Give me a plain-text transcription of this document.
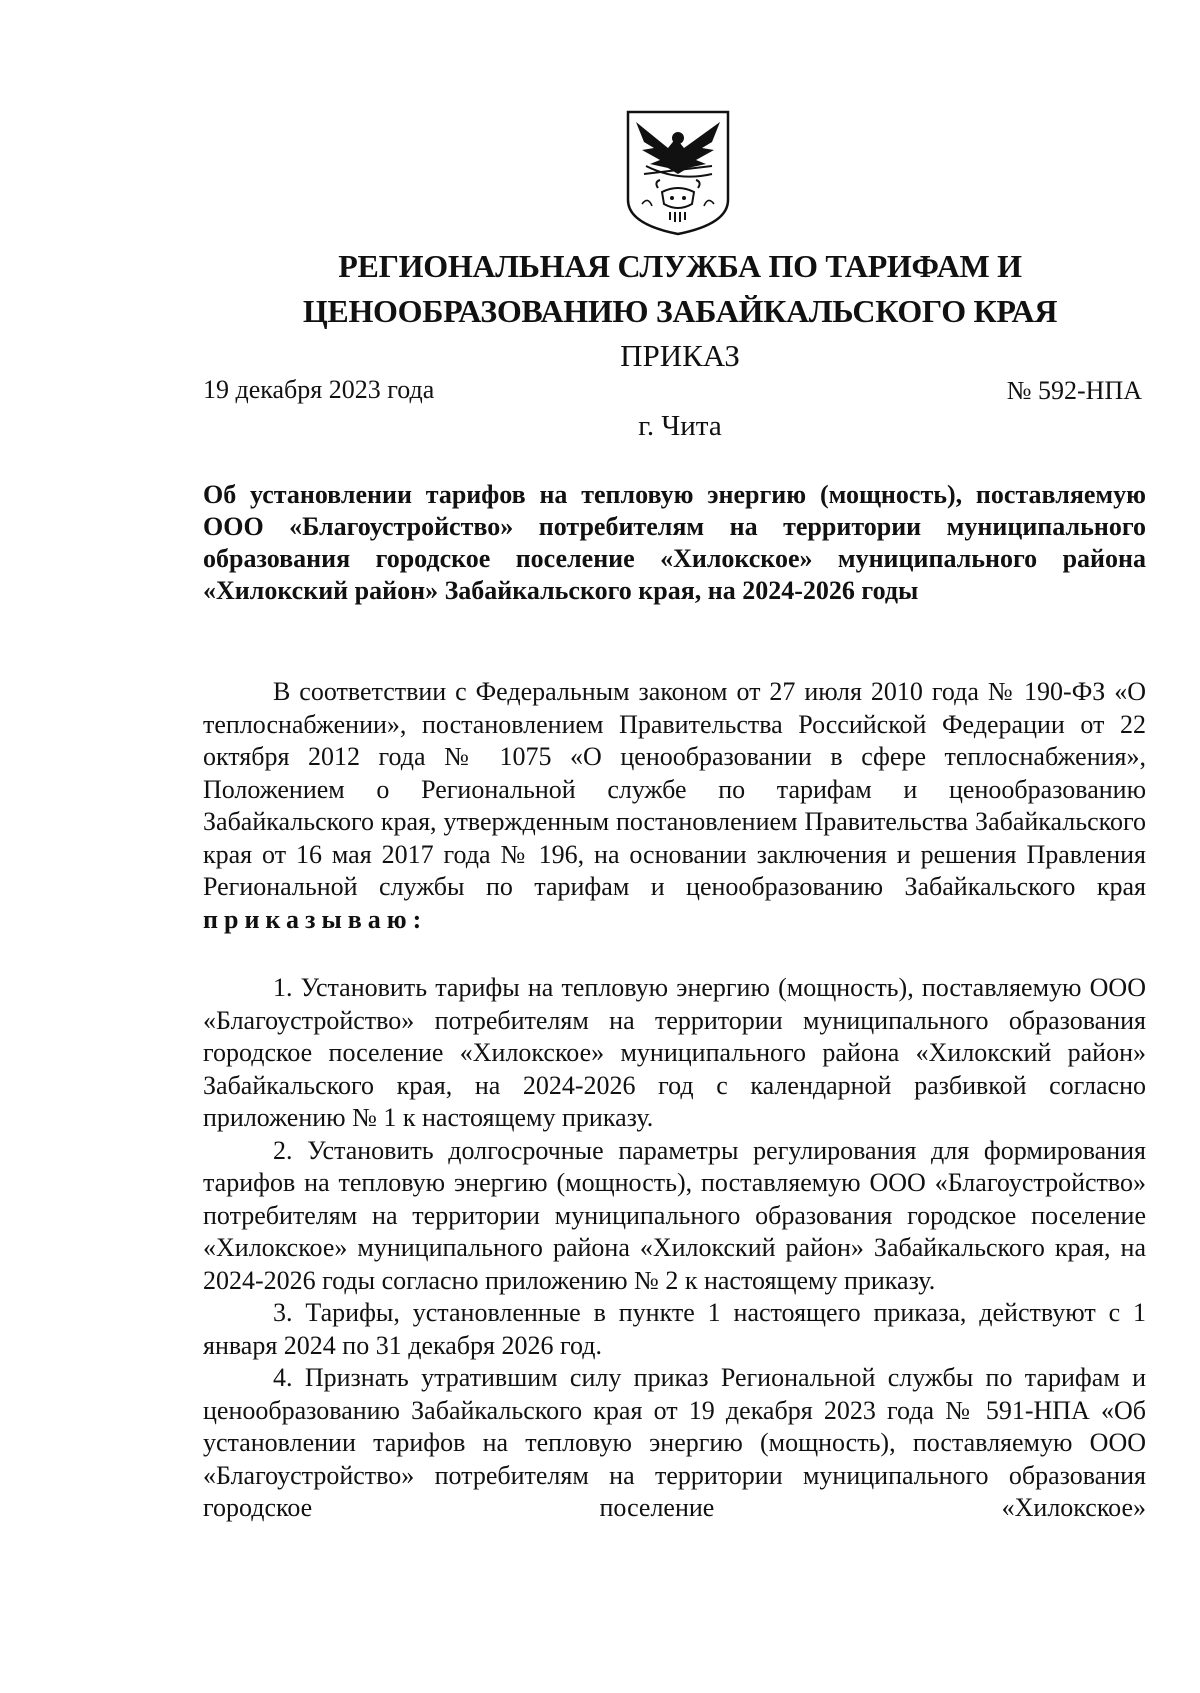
РЕГИОНАЛЬНАЯ СЛУЖБА ПО ТАРИФАМ И
ЦЕНООБРАЗОВАНИЮ ЗАБАЙКАЛЬСКОГО КРАЯ
ПРИКАЗ
19 декабря 2023 года	№ 592-НПА
г. Чита
Об установлении тарифов на тепловую энергию (мощность), поставляемую ООО «Благоустройство» потребителям на территории муниципального образования городское поселение «Хилокское» муниципального района «Хилокский район» Забайкальского края, на 2024-2026 годы

В соответствии с Федеральным законом от 27 июля 2010 года № 190-ФЗ «О теплоснабжении», постановлением Правительства Российской Федерации от 22 октября 2012 года № 1075 «О ценообразовании в сфере теплоснабжения», Положением о Региональной службе по тарифам и ценообразованию Забайкальского края, утвержденным постановлением Правительства Забайкальского края от 16 мая 2017 года № 196, на основании заключения и решения Правления Региональной службы по тарифам и ценообразованию Забайкальского края приказываю:

1. Установить тарифы на тепловую энергию (мощность), поставляемую ООО «Благоустройство» потребителям на территории муниципального образования городское поселение «Хилокское» муниципального района «Хилокский район» Забайкальского края, на 2024-2026 год с календарной разбивкой согласно приложению № 1 к настоящему приказу.

2. Установить долгосрочные параметры регулирования для формирования тарифов на тепловую энергию (мощность), поставляемую ООО «Благоустройство» потребителям на территории муниципального образования городское поселение «Хилокское» муниципального района «Хилокский район» Забайкальского края, на 2024-2026 годы согласно приложению № 2 к настоящему приказу.

3. Тарифы, установленные в пункте 1 настоящего приказа, действуют с 1 января 2024 по 31 декабря 2026 год.

4. Признать утратившим силу приказ Региональной службы по тарифам и ценообразованию Забайкальского края от 19 декабря 2023 года № 591-НПА «Об установлении тарифов на тепловую энергию (мощность), поставляемую ООО «Благоустройство» потребителям на территории муниципального образования городское поселение «Хилокское»
